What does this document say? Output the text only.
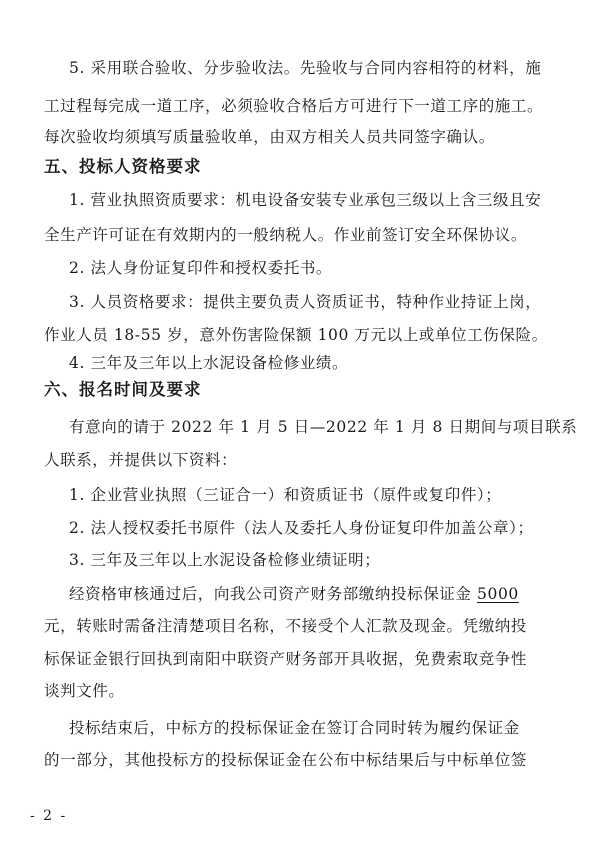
5. 采用联合验收、分步验收法。先验收与合同内容相符的材料，施
工过程每完成一道工序，必须验收合格后方可进行下一道工序的施工。
每次验收均须填写质量验收单，由双方相关人员共同签字确认。
五、投标人资格要求
1. 营业执照资质要求：机电设备安装专业承包三级以上含三级且安
全生产许可证在有效期内的一般纳税人。作业前签订安全环保协议。
2. 法人身份证复印件和授权委托书。
3. 人员资格要求：提供主要负责人资质证书，特种作业持证上岗，
作业人员 18-55 岁，意外伤害险保额 100 万元以上或单位工伤保险。
4. 三年及三年以上水泥设备检修业绩。
六、报名时间及要求
有意向的请于 2022 年 1 月 5 日—2022 年 1 月 8 日期间与项目联系
人联系，并提供以下资料：
1. 企业营业执照（三证合一）和资质证书（原件或复印件）；
2. 法人授权委托书原件（法人及委托人身份证复印件加盖公章）；
3. 三年及三年以上水泥设备检修业绩证明；
经资格审核通过后，向我公司资产财务部缴纳投标保证金 5000
元，转账时需备注清楚项目名称，不接受个人汇款及现金。凭缴纳投
标保证金银行回执到南阳中联资产财务部开具收据，免费索取竞争性
谈判文件。
投标结束后，中标方的投标保证金在签订合同时转为履约保证金
的一部分，其他投标方的投标保证金在公布中标结果后与中标单位签
- 2 -
